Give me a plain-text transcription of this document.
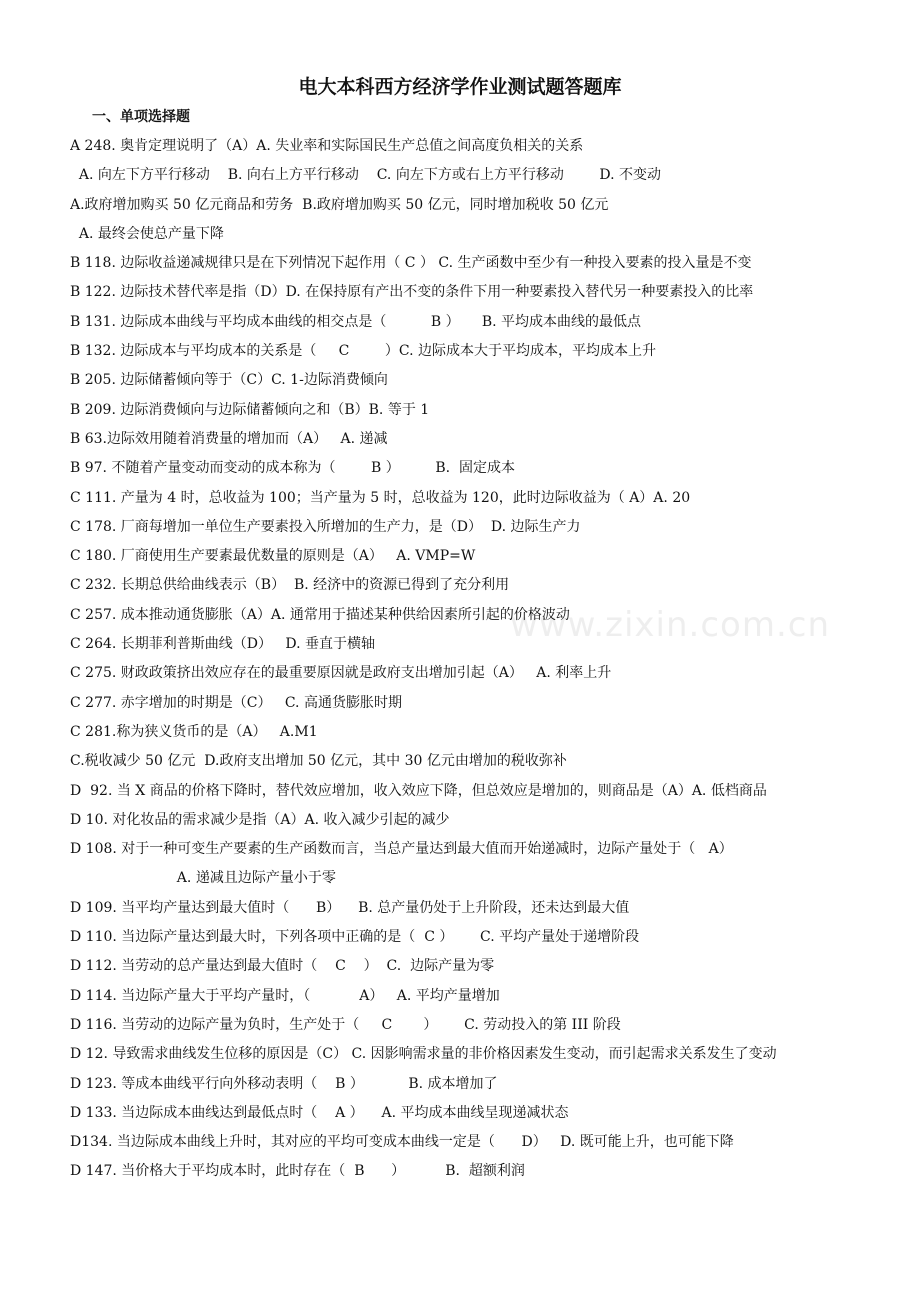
电大本科西方经济学作业测试题答题库
一、单项选择题
www.zixin.com.cn
A 248. 奥肯定理说明了（A）A. 失业率和实际国民生产总值之间高度负相关的关系
A. 向左下方平行移动    B. 向右上方平行移动    C. 向左下方或右上方平行移动        D. 不变动
A.政府增加购买 50 亿元商品和劳务  B.政府增加购买 50 亿元，同时增加税收 50 亿元
A. 最终会使总产量下降
B 118. 边际收益递减规律只是在下列情况下起作用（ C ） C. 生产函数中至少有一种投入要素的投入量是不变
B 122. 边际技术替代率是指（D）D. 在保持原有产出不变的条件下用一种要素投入替代另一种要素投入的比率
B 131. 边际成本曲线与平均成本曲线的相交点是（          B ）     B. 平均成本曲线的最低点
B 132. 边际成本与平均成本的关系是（     C        ）C. 边际成本大于平均成本，平均成本上升
B 205. 边际储蓄倾向等于（C）C. 1-边际消费倾向
B 209. 边际消费倾向与边际储蓄倾向之和（B）B. 等于 1
B 63.边际效用随着消费量的增加而（A）   A. 递减
B 97. 不随着产量变动而变动的成本称为（        B ）        B.  固定成本
C 111. 产量为 4 时，总收益为 100；当产量为 5 时，总收益为 120，此时边际收益为（ A）A. 20
C 178. 厂商每增加一单位生产要素投入所增加的生产力，是（D）  D. 边际生产力
C 180. 厂商使用生产要素最优数量的原则是（A）   A. VMP=W
C 232. 长期总供给曲线表示（B）  B. 经济中的资源已得到了充分利用
C 257. 成本推动通货膨胀（A）A. 通常用于描述某种供给因素所引起的价格波动
C 264. 长期菲利普斯曲线（D）   D. 垂直于横轴
C 275. 财政政策挤出效应存在的最重要原因就是政府支出增加引起（A）   A. 利率上升
C 277. 赤字增加的时期是（C）   C. 高通货膨胀时期
C 281.称为狭义货币的是（A）   A.M1
C.税收减少 50 亿元  D.政府支出增加 50 亿元，其中 30 亿元由增加的税收弥补
D  92. 当 X 商品的价格下降时，替代效应增加，收入效应下降，但总效应是增加的，则商品是（A）A. 低档商品
D 10. 对化妆品的需求减少是指（A）A. 收入减少引起的减少
D 108. 对于一种可变生产要素的生产函数而言，当总产量达到最大值而开始递减时，边际产量处于（   A）
A. 递减且边际产量小于零
D 109. 当平均产量达到最大值时（      B）    B. 总产量仍处于上升阶段，还未达到最大值
D 110. 当边际产量达到最大时，下列各项中正确的是（  C ）      C. 平均产量处于递增阶段
D 112. 当劳动的总产量达到最大值时（    C    ）  C.  边际产量为零
D 114. 当边际产量大于平均产量时，（           A）   A. 平均产量增加
D 116. 当劳动的边际产量为负时，生产处于（     C       ）      C. 劳动投入的第 III 阶段
D 12. 导致需求曲线发生位移的原因是（C） C. 因影响需求量的非价格因素发生变动，而引起需求关系发生了变动
D 123. 等成本曲线平行向外移动表明（    B ）          B. 成本增加了
D 133. 当边际成本曲线达到最低点时（    A ）    A. 平均成本曲线呈现递减状态
D134. 当边际成本曲线上升时，其对应的平均可变成本曲线一定是（      D）   D. 既可能上升，也可能下降
D 147. 当价格大于平均成本时，此时存在（  B      ）         B.  超额利润
